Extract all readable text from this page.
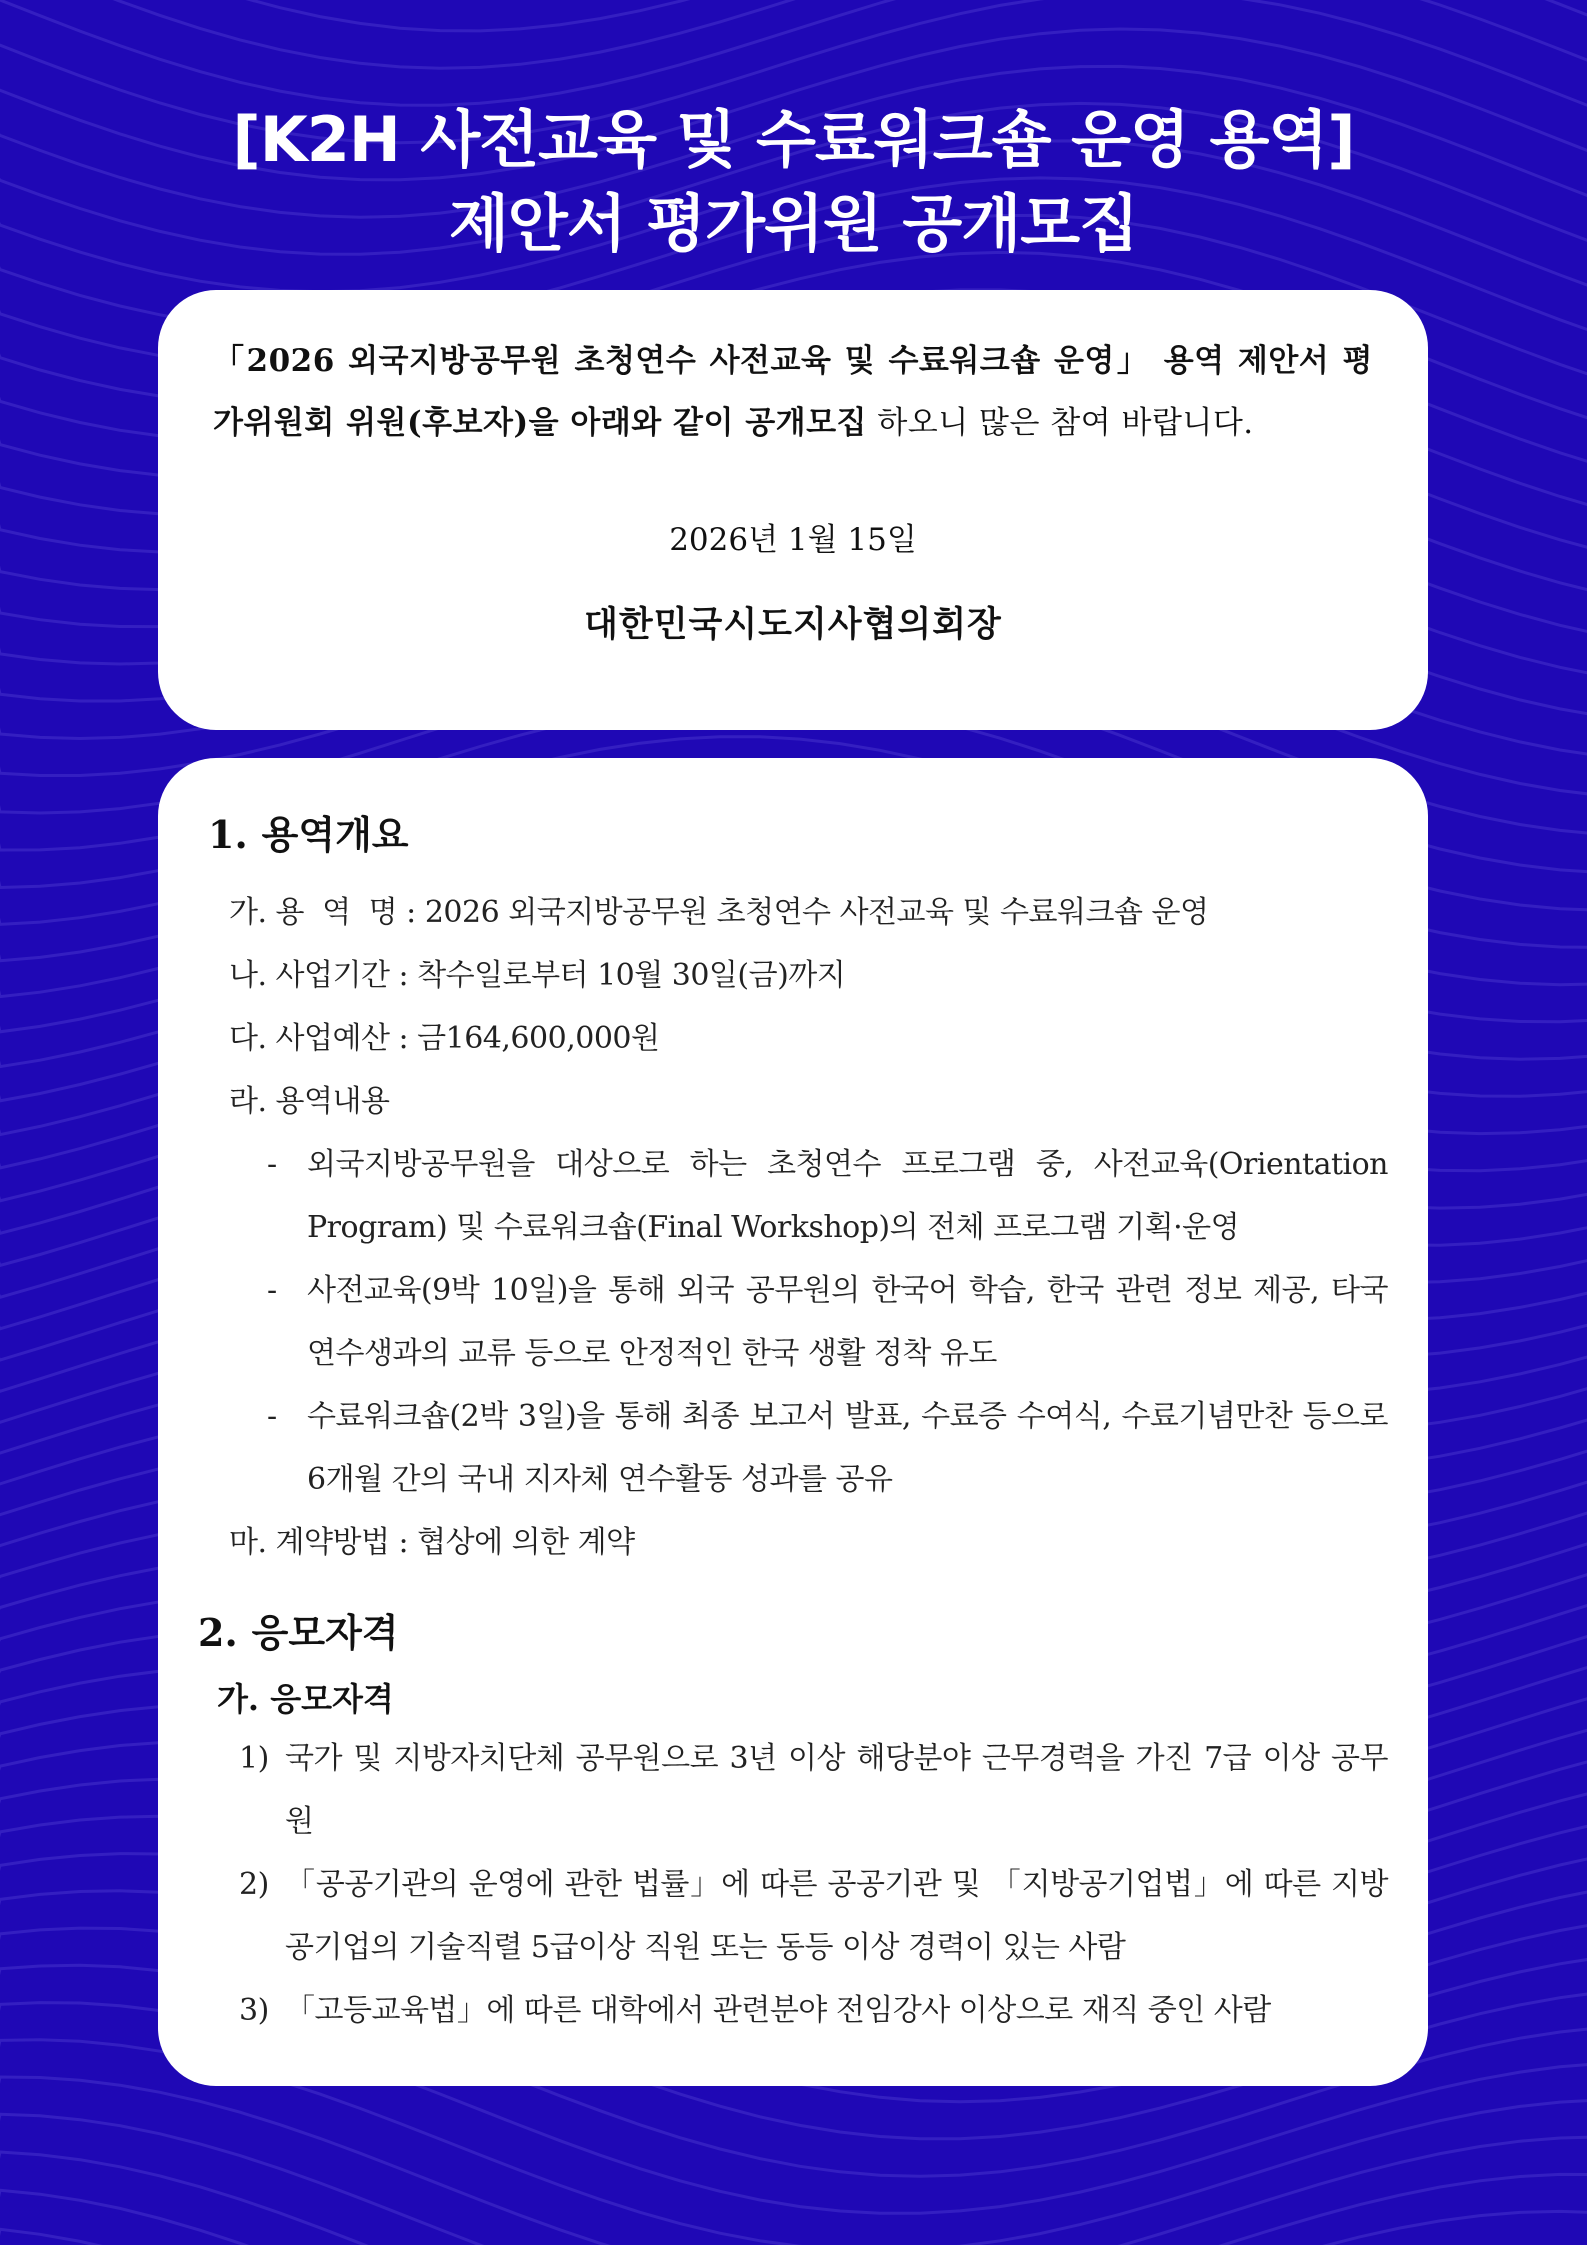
[K2H 사전교육 및 수료워크숍 운영 용역]
제안서 평가위원 공개모집
「2026 외국지방공무원 초청연수 사전교육 및 수료워크숍 운영」 용역 제안서 평가위원회 위원(후보자)을 아래와 같이 공개모집 하오니 많은 참여 바랍니다.
2026년 1월 15일
대한민국시도지사협의회장
1. 용역개요
가. 용  역  명 : 2026 외국지방공무원 초청연수 사전교육 및 수료워크숍 운영
나. 사업기간 : 착수일로부터 10월 30일(금)까지
다. 사업예산 : 금164,600,000원
라. 용역내용
-	외국지방공무원을 대상으로 하는 초청연수 프로그램 중, 사전교육(Orientation Program) 및 수료워크숍(Final Workshop)의 전체 프로그램 기획·운영
-	사전교육(9박 10일)을 통해 외국 공무원의 한국어 학습, 한국 관련 정보 제공, 타국 연수생과의 교류 등으로 안정적인 한국 생활 정착 유도
-	수료워크숍(2박 3일)을 통해 최종 보고서 발표, 수료증 수여식, 수료기념만찬 등으로 6개월 간의 국내 지자체 연수활동 성과를 공유
마. 계약방법 : 협상에 의한 계약
2. 응모자격
가. 응모자격
1) 국가 및 지방자치단체 공무원으로 3년 이상 해당분야 근무경력을 가진 7급 이상 공무원
2) 「공공기관의 운영에 관한 법률」에 따른 공공기관 및 「지방공기업법」에 따른 지방공기업의 기술직렬 5급이상 직원 또는 동등 이상 경력이 있는 사람
3) 「고등교육법」에 따른 대학에서 관련분야 전임강사 이상으로 재직 중인 사람
